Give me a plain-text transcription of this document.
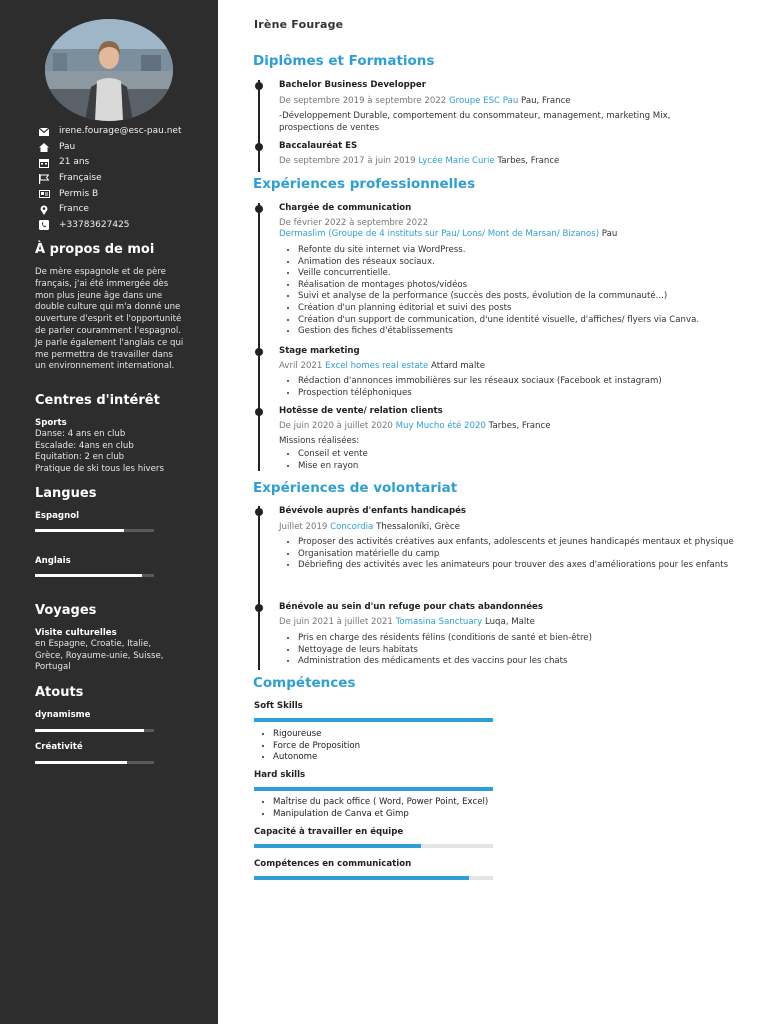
irene.fourage@esc-pau.net
Pau
21 ans
Française
Permis B
France
+33783627425
À propos de moi

De mère espagnole et de père français, j'ai été immergée dès mon plus jeune âge dans une double culture qui m'a donné une ouverture d'esprit et l'opportunité de parler couramment l'espagnol. Je parle également l'anglais ce qui me permettra de travailler dans un environnement international.

Centres d'intérêt
Sports
Danse: 4 ans en club
Escalade: 4ans en club
Equitation: 2 en club
Pratique de ski tous les hivers
Langues
Espagnol
Anglais
Voyages
Visite culturelles
en Espagne, Croatie, Italie,
Grèce, Royaume-unie, Suisse,
Portugal
Atouts
dynamisme
Créativité
Irène Fourage
Diplômes et Formations

Bachelor Business Developper

De septembre 2019 à septembre 2022 Groupe ESC Pau Pau, France

-Développement Durable, comportement du consommateur, management, marketing Mix, prospections de ventes

Baccalauréat ES

De septembre 2017 à juin 2019 Lycée Marie Curie Tarbes, France

Expériences professionnelles

Chargée de communication

De février 2022 à septembre 2022

Dermaslim (Groupe de 4 instituts sur Pau/ Lons/ Mont de Marsan/ Bizanos) Pau

• Refonte du site internet via WordPress.
• Animation des réseaux sociaux.
• Veille concurrentielle.
• Réalisation de montages photos/vidéos
• Suivi et analyse de la performance (succès des posts, évolution de la communauté...)
• Création d'un planning éditorial et suivi des posts
• Création d'un support de communication, d'une identité visuelle, d'affiches/ flyers via Canva.
• Gestion des fiches d'établissements

Stage marketing

Avril 2021 Excel homes real estate Attard malte

• Rédaction d'annonces immobilières sur les réseaux sociaux (Facebook et instagram)
• Prospection téléphoniques

Hotêsse de vente/ relation clients

De juin 2020 à juillet 2020 Muy Mucho été 2020 Tarbes, France

Missions réalisées:

• Conseil et vente
• Mise en rayon
Expériences de volontariat

Bévévole auprès d'enfants handicapés

Juillet 2019 Concordia Thessaloníki, Grèce

• Proposer des activités créatives aux enfants, adolescents et jeunes handicapés mentaux et physique
• Organisation matérielle du camp
• Débriefing des activités avec les animateurs pour trouver des axes d'améliorations pour les enfants

Bénévole au sein d'un refuge pour chats abandonnées

De juin 2021 à juillet 2021 Tomasina Sanctuary Luqa, Malte

• Pris en charge des résidents félins (conditions de santé et bien-être)
• Nettoyage de leurs habitats
• Administration des médicaments et des vaccins pour les chats
Compétences

Soft Skills

• Rigoureuse
• Force de Proposition
• Autonome

Hard skills

• Maîtrise du pack office ( Word, Power Point, Excel)
• Manipulation de Canva et Gimp

Capacité à travailler en équipe

Compétences en communication
